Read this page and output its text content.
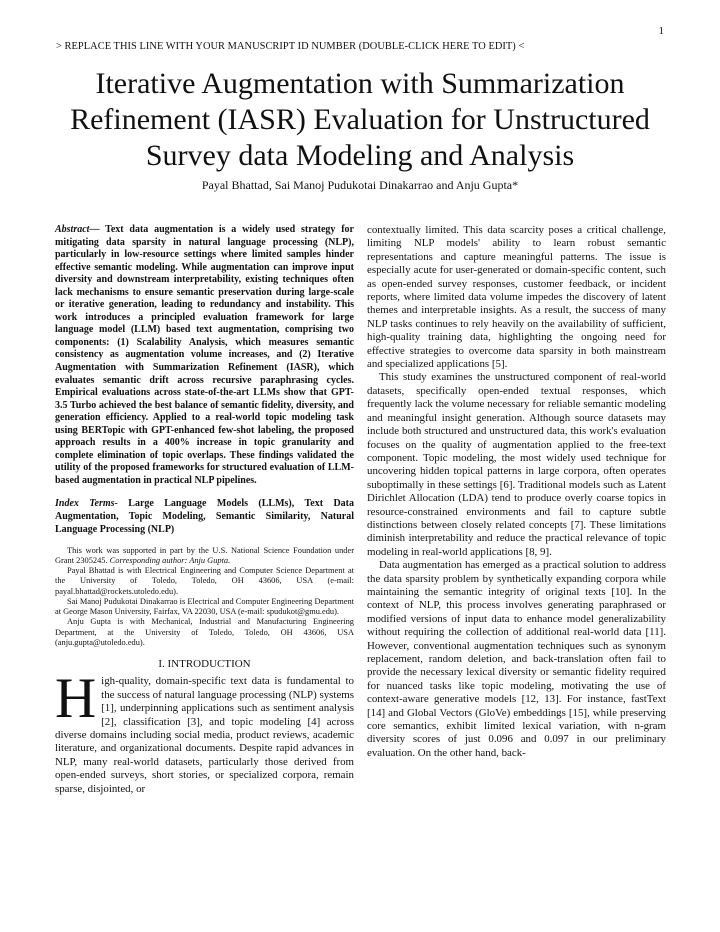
1
> REPLACE THIS LINE WITH YOUR MANUSCRIPT ID NUMBER (DOUBLE-CLICK HERE TO EDIT) <
Iterative Augmentation with Summarization Refinement (IASR) Evaluation for Unstructured Survey data Modeling and Analysis
Payal Bhattad, Sai Manoj Pudukotai Dinakarrao and Anju Gupta*

Abstract— Text data augmentation is a widely used strategy for mitigating data sparsity in natural language processing (NLP), particularly in low-resource settings where limited samples hinder effective semantic modeling. While augmentation can improve input diversity and downstream interpretability, existing techniques often lack mechanisms to ensure semantic preservation during large-scale or iterative generation, leading to redundancy and instability. This work introduces a principled evaluation framework for large language model (LLM) based text augmentation, comprising two components: (1) Scalability Analysis, which measures semantic consistency as augmentation volume increases, and (2) Iterative Augmentation with Summarization Refinement (IASR), which evaluates semantic drift across recursive paraphrasing cycles. Empirical evaluations across state-of-the-art LLMs show that GPT-3.5 Turbo achieved the best balance of semantic fidelity, diversity, and generation efficiency. Applied to a real-world topic modeling task using BERTopic with GPT-enhanced few-shot labeling, the proposed approach results in a 400% increase in topic granularity and complete elimination of topic overlaps. These findings validated the utility of the proposed frameworks for structured evaluation of LLM-based augmentation in practical NLP pipelines.

Index Terms- Large Language Models (LLMs), Text Data Augmentation, Topic Modeling, Semantic Similarity, Natural Language Processing (NLP)

This work was supported in part by the U.S. National Science Foundation under Grant 2305245. Corresponding author: Anju Gupta.

Payal Bhattad is with Electrical Engineering and Computer Science Department at the University of Toledo, Toledo, OH 43606, USA (e-mail: payal.bhattad@rockets.utoledo.edu).

Sai Manoj Pudukotai Dinakarrao is Electrical and Computer Engineering Department at George Mason University, Fairfax, VA 22030, USA (e-mail: spudukot@gmu.edu).

Anju Gupta is with Mechanical, Industrial and Manufacturing Engineering Department, at the University of Toledo, Toledo, OH 43606, USA (anju.gupta@utoledo.edu).

I. INTRODUCTION

High-quality, domain-specific text data is fundamental to the success of natural language processing (NLP) systems [1], underpinning applications such as sentiment analysis [2], classification [3], and topic modeling [4] across diverse domains including social media, product reviews, academic literature, and organizational documents. Despite rapid advances in NLP, many real-world datasets, particularly those derived from open-ended surveys, short stories, or specialized corpora, remain sparse, disjointed, or

contextually limited. This data scarcity poses a critical challenge, limiting NLP models' ability to learn robust semantic representations and capture meaningful patterns. The issue is especially acute for user-generated or domain-specific content, such as open-ended survey responses, customer feedback, or incident reports, where limited data volume impedes the discovery of latent themes and interpretable insights. As a result, the success of many NLP tasks continues to rely heavily on the availability of sufficient, high-quality training data, highlighting the ongoing need for effective strategies to overcome data sparsity in both mainstream and specialized applications [5].

This study examines the unstructured component of real-world datasets, specifically open-ended textual responses, which frequently lack the volume necessary for reliable semantic modeling and meaningful insight generation. Although source datasets may include both structured and unstructured data, this work's evaluation focuses on the quality of augmentation applied to the free-text component. Topic modeling, the most widely used technique for uncovering hidden topical patterns in large corpora, often operates suboptimally in these settings [6]. Traditional models such as Latent Dirichlet Allocation (LDA) tend to produce overly coarse topics in resource-constrained environments and fail to capture subtle distinctions between closely related concepts [7]. These limitations diminish interpretability and reduce the practical relevance of topic modeling in real-world applications [8, 9].

Data augmentation has emerged as a practical solution to address the data sparsity problem by synthetically expanding corpora while maintaining the semantic integrity of original texts [10]. In the context of NLP, this process involves generating paraphrased or modified versions of input data to enhance model generalizability without requiring the collection of additional real-world data [11]. However, conventional augmentation techniques such as synonym replacement, random deletion, and back-translation often fail to provide the necessary lexical diversity or semantic fidelity required for nuanced tasks like topic modeling, motivating the use of context-aware generative models [12, 13]. For instance, fastText [14] and Global Vectors (GloVe) embeddings [15], while preserving core semantics, exhibit limited lexical variation, with n-gram diversity scores of just 0.096 and 0.097 in our preliminary evaluation. On the other hand, back-
